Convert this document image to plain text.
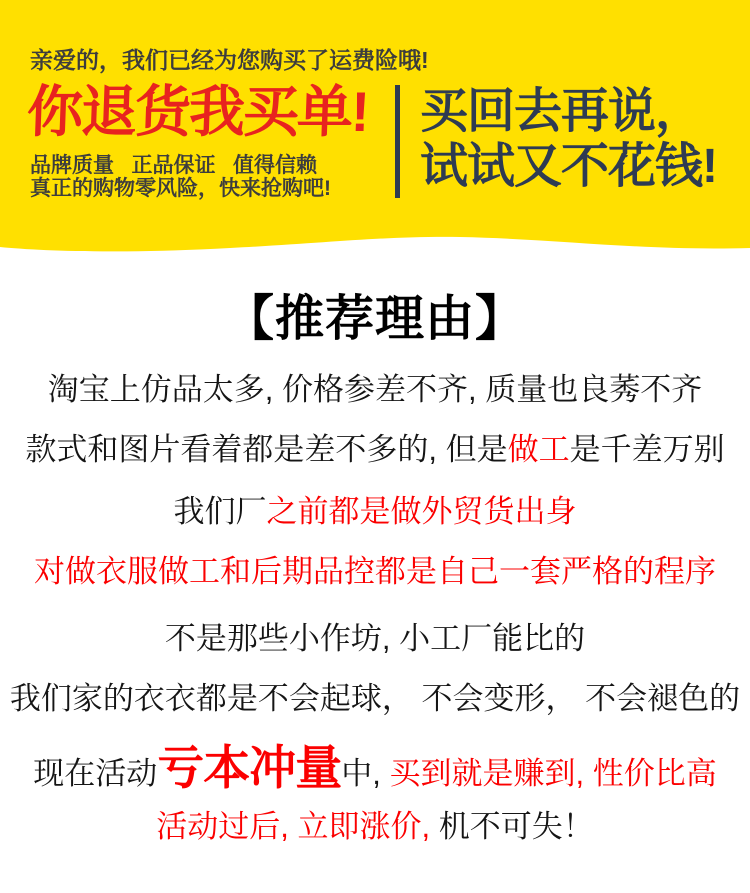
亲爱的，我们已经为您购买了运费险哦!
你退货我买单!
品牌质量   正品保证   值得信赖
真正的购物零风险，快来抢购吧!
买回去再说，
试试又不花钱!
【推荐理由】
淘宝上仿品太多, 价格参差不齐, 质量也良莠不齐
款式和图片看着都是差不多的, 但是做工是千差万别
我们厂之前都是做外贸货出身
对做衣服做工和后期品控都是自己一套严格的程序
不是那些小作坊, 小工厂能比的
我们家的衣衣都是不会起球， 不会变形， 不会褪色的
现在活动亏本冲量中, 买到就是赚到, 性价比高
活动过后, 立即涨价, 机不可失！
